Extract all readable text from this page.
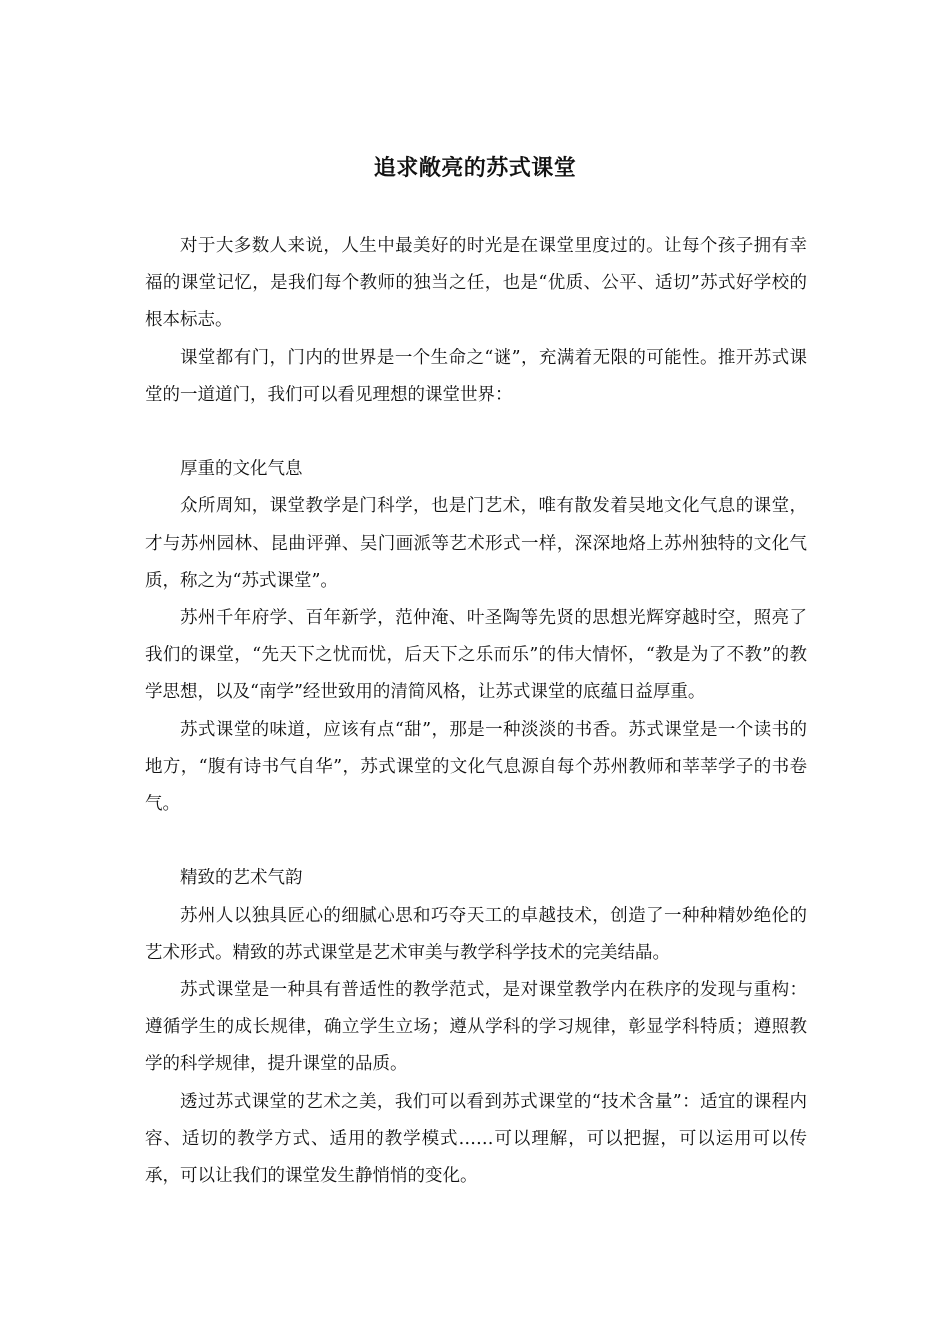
追求敞亮的苏式课堂

对于大多数人来说，人生中最美好的时光是在课堂里度过的。让每个孩子拥有幸福的课堂记忆，是我们每个教师的独当之任，也是“优质、公平、适切”苏式好学校的根本标志。

课堂都有门，门内的世界是一个生命之“谜”，充满着无限的可能性。推开苏式课堂的一道道门，我们可以看见理想的课堂世界：

厚重的文化气息

众所周知，课堂教学是门科学，也是门艺术，唯有散发着吴地文化气息的课堂，才与苏州园林、昆曲评弹、吴门画派等艺术形式一样，深深地烙上苏州独特的文化气质，称之为“苏式课堂”。

苏州千年府学、百年新学，范仲淹、叶圣陶等先贤的思想光辉穿越时空，照亮了我们的课堂，“先天下之忧而忧，后天下之乐而乐”的伟大情怀，“教是为了不教”的教学思想，以及“南学”经世致用的清简风格，让苏式课堂的底蕴日益厚重。

苏式课堂的味道，应该有点“甜”，那是一种淡淡的书香。苏式课堂是一个读书的地方，“腹有诗书气自华”，苏式课堂的文化气息源自每个苏州教师和莘莘学子的书卷气。

精致的艺术气韵

苏州人以独具匠心的细腻心思和巧夺天工的卓越技术，创造了一种种精妙绝伦的艺术形式。精致的苏式课堂是艺术审美与教学科学技术的完美结晶。

苏式课堂是一种具有普适性的教学范式，是对课堂教学内在秩序的发现与重构：遵循学生的成长规律，确立学生立场；遵从学科的学习规律，彰显学科特质；遵照教学的科学规律，提升课堂的品质。

透过苏式课堂的艺术之美，我们可以看到苏式课堂的“技术含量”：适宜的课程内容、适切的教学方式、适用的教学模式……可以理解，可以把握，可以运用可以传承，可以让我们的课堂发生静悄悄的变化。
